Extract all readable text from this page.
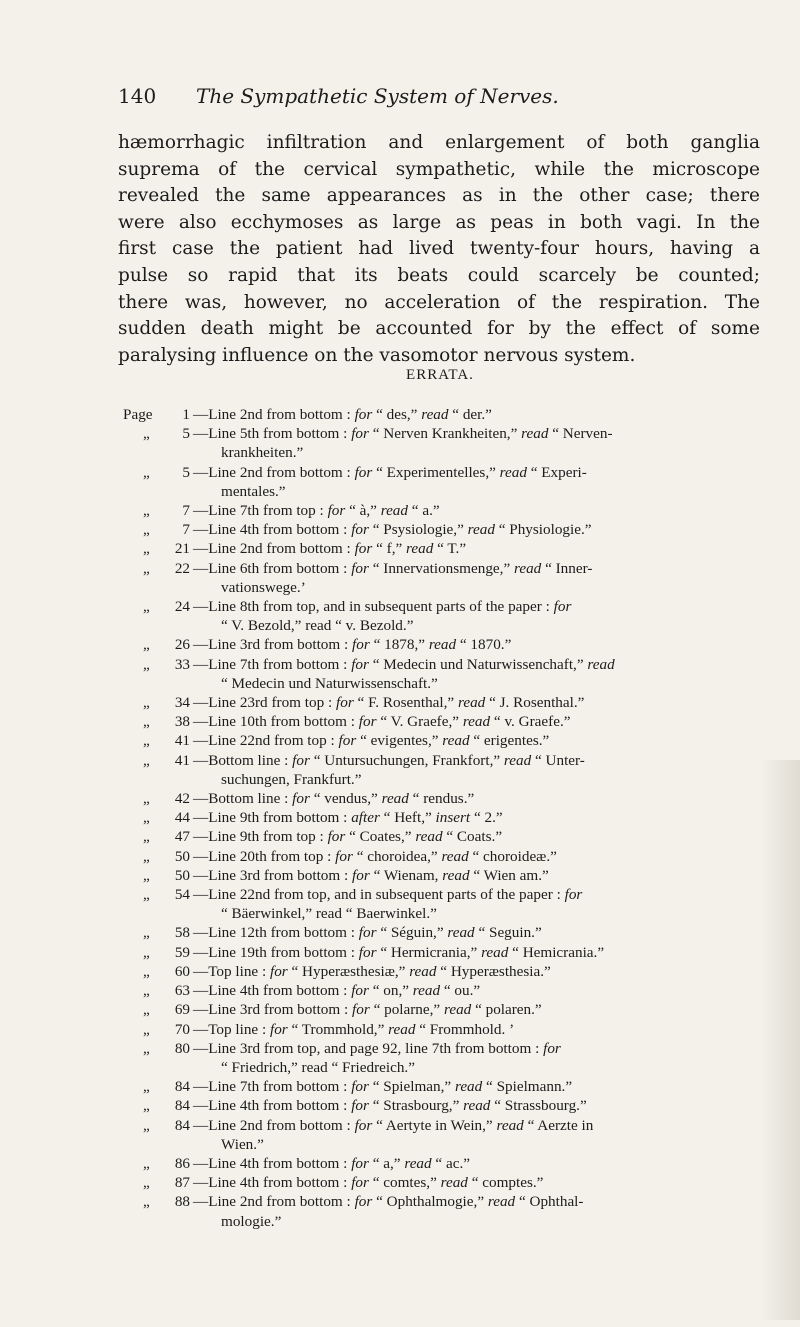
140 The Sympathetic System of Nerves.
hæmorrhagic infiltration and enlargement of both ganglia
suprema of the cervical sympathetic, while the microscope
revealed the same appearances as in the other case; there
were also ecchymoses as large as peas in both vagi. In the
first case the patient had lived twenty-four hours, having a
pulse so rapid that its beats could scarcely be counted;
there was, however, no acceleration of the respiration. The
sudden death might be accounted for by the effect of some
paralysing influence on the vasomotor nervous system.
ERRATA.
Page	1 —Line 2nd from bottom : for “ des,” read “ der.”
„	5 —Line 5th from bottom : for “ Nerven Krankheiten,” read “ Nerven-
krankheiten.”
„	5 —Line 2nd from bottom : for “ Experimentelles,” read “ Experi-
mentales.”
„	7 —Line 7th from top : for “ à,” read “ a.”
„	7 —Line 4th from bottom : for “ Psysiologie,” read “ Physiologie.”
„	21 —Line 2nd from bottom : for “ f,” read “ T.”
„	22 —Line 6th from bottom : for “ Innervationsmenge,” read “ Inner-
vationswege.’
„	24 —Line 8th from top, and in subsequent parts of the paper : for
“ V. Bezold,” read “ v. Bezold.”
„	26 —Line 3rd from bottom : for “ 1878,” read “ 1870.”
„	33 —Line 7th from bottom : for “ Medecin und Naturwissenchaft,” read
“ Medecin und Naturwissenschaft.”
„	34 —Line 23rd from top : for “ F. Rosenthal,” read “ J. Rosenthal.”
„	38 —Line 10th from bottom : for “ V. Graefe,” read “ v. Graefe.”
„	41 —Line 22nd from top : for “ evigentes,” read “ erigentes.”
„	41 —Bottom line : for “ Untursuchungen, Frankfort,” read “ Unter-
suchungen, Frankfurt.”
„	42 —Bottom line : for “ vendus,” read “ rendus.”
„	44 —Line 9th from bottom : after “ Heft,” insert “ 2.”
„	47 —Line 9th from top : for “ Coates,” read “ Coats.”
„	50 —Line 20th from top : for “ choroidea,” read “ choroideæ.”
„	50 —Line 3rd from bottom : for “ Wienam, read “ Wien am.”
„	54 —Line 22nd from top, and in subsequent parts of the paper : for
“ Bäerwinkel,” read “ Baerwinkel.”
„	58 —Line 12th from bottom : for “ Séguin,” read “ Seguin.”
„	59 —Line 19th from bottom : for “ Hermicrania,” read “ Hemicrania.”
„	60 —Top line : for “ Hyperæsthesiæ,” read “ Hyperæsthesia.”
„	63 —Line 4th from bottom : for “ on,” read “ ou.”
„	69 —Line 3rd from bottom : for “ polarne,” read “ polaren.”
„	70 —Top line : for “ Trommhold,” read “ Frommhold. ’
„	80 —Line 3rd from top, and page 92, line 7th from bottom : for
“ Friedrich,” read “ Friedreich.”
„	84 —Line 7th from bottom : for “ Spielman,” read “ Spielmann.”
„	84 —Line 4th from bottom : for “ Strasbourg,” read “ Strassbourg.”
„	84 —Line 2nd from bottom : for “ Aertyte in Wein,” read “ Aerzte in
Wien.”
„	86 —Line 4th from bottom : for “ a,” read “ ac.”
„	87 —Line 4th from bottom : for “ comtes,” read “ comptes.”
„	88 —Line 2nd from bottom : for “ Ophthalmogie,” read “ Ophthal-
mologie.”
